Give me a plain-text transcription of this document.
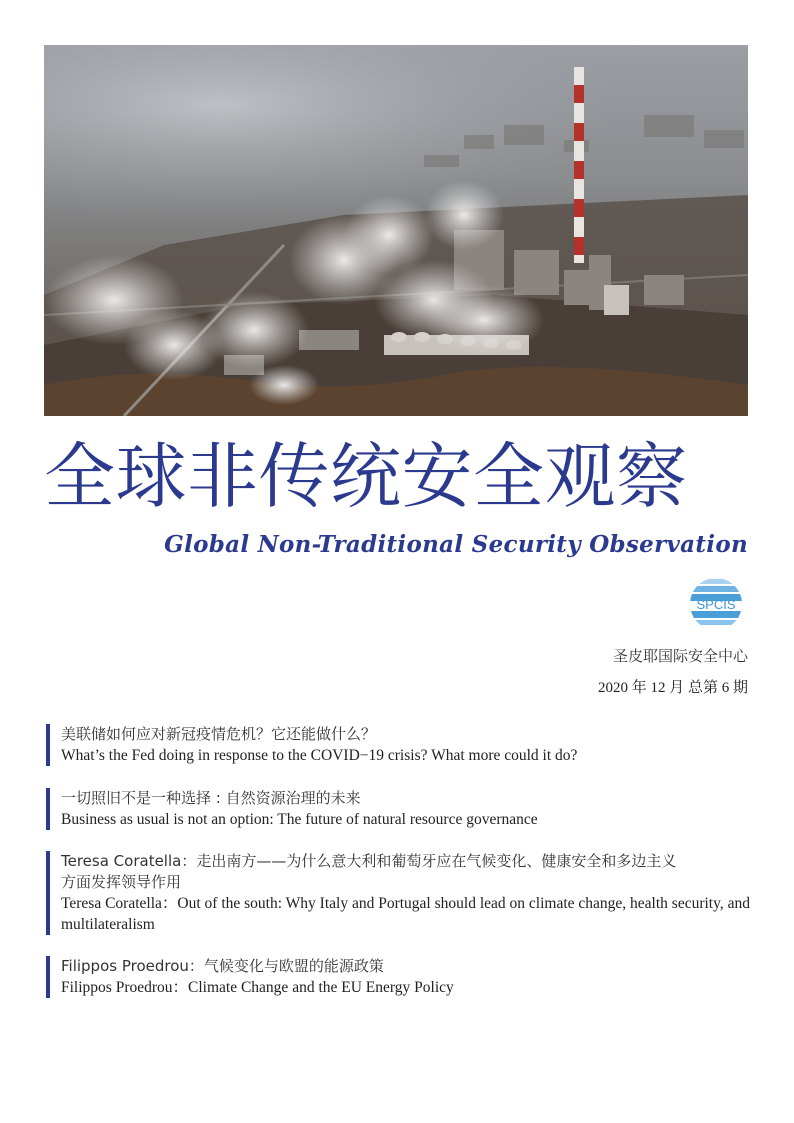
全球非传统安全观察
Global Non-Traditional Security Observation
SPCIS
圣皮耶国际安全中心
2020 年 12 月 总第 6 期
美联储如何应对新冠疫情危机？它还能做什么？
What’s the Fed doing in response to the COVID−19 crisis? What more could it do?
一切照旧不是一种选择 : 自然资源治理的未来
Business as usual is not an option: The future of natural resource governance
Teresa Coratella：走出南方——为什么意大利和葡萄牙应在气候变化、健康安全和多边主义方面发挥领导作用
Teresa Coratella：Out of the south: Why Italy and Portugal should lead on climate change, health security, and multilateralism
Filippos Proedrou：气候变化与欧盟的能源政策
Filippos Proedrou：Climate Change and the EU Energy Policy
